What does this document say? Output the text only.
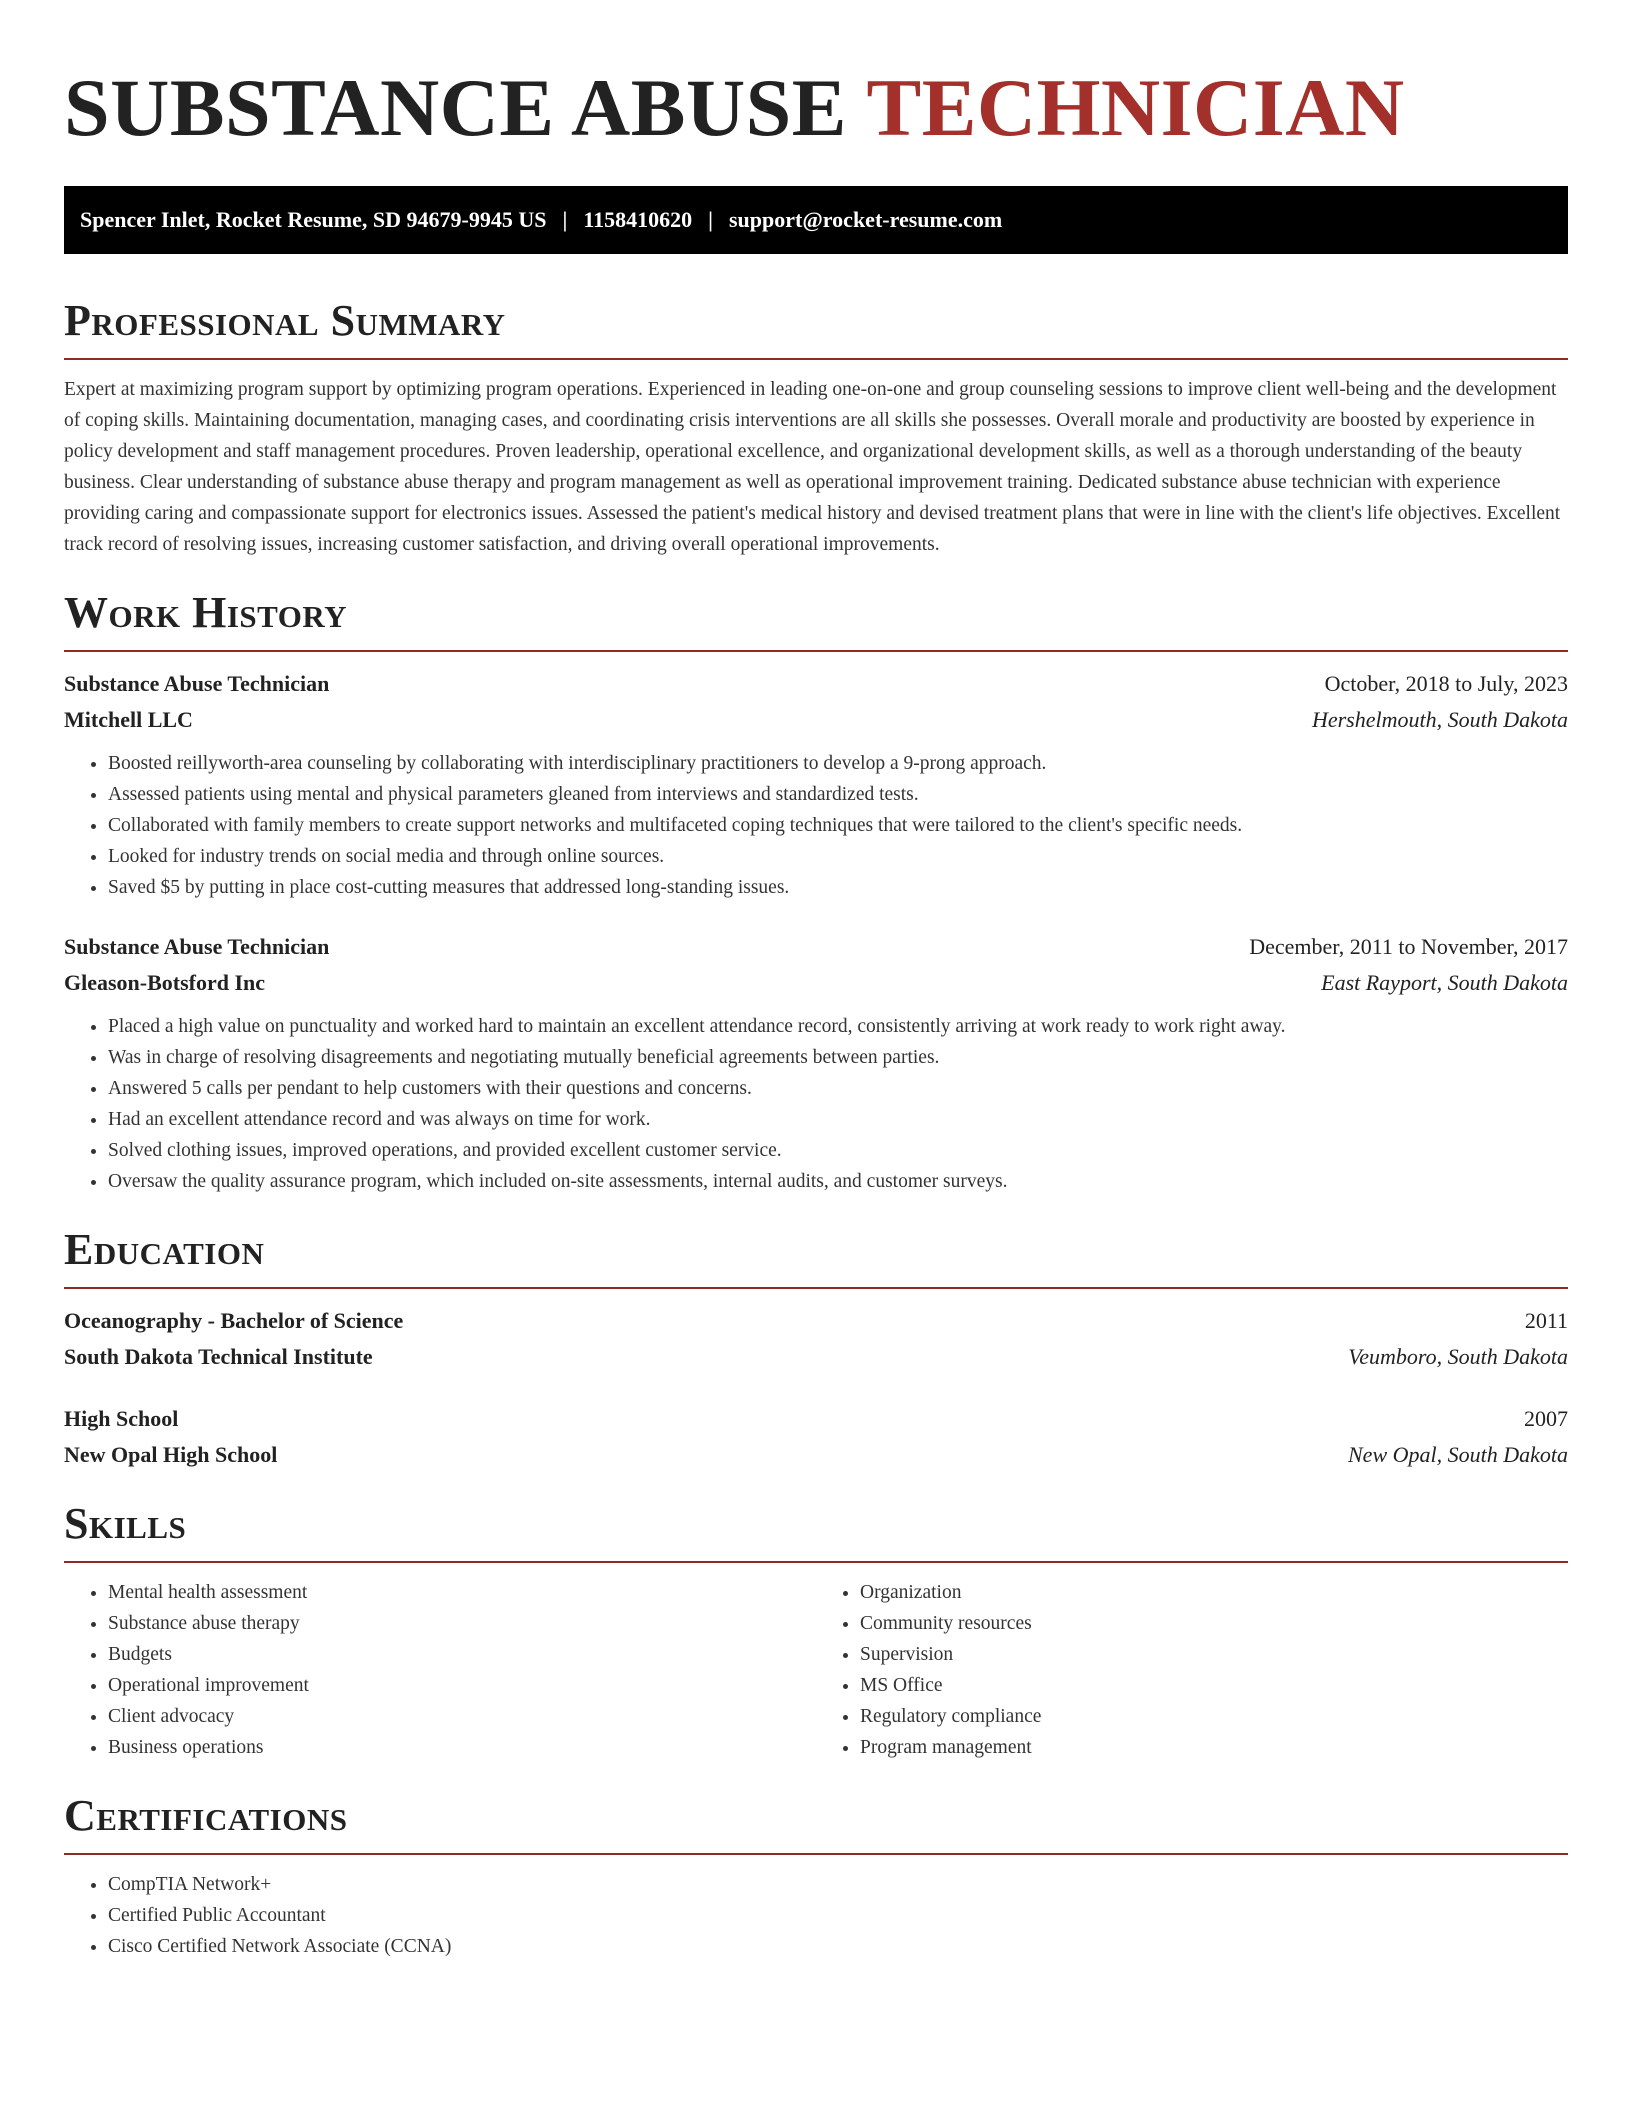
SUBSTANCE ABUSE TECHNICIAN
Spencer Inlet, Rocket Resume, SD 94679-9945 US | 1158410620 | support@rocket-resume.com
Professional Summary

Expert at maximizing program support by optimizing program operations. Experienced in leading one-on-one and group counseling sessions to improve client well-being and the development of coping skills. Maintaining documentation, managing cases, and coordinating crisis interventions are all skills she possesses. Overall morale and productivity are boosted by experience in policy development and staff management procedures. Proven leadership, operational excellence, and organizational development skills, as well as a thorough understanding of the beauty business. Clear understanding of substance abuse therapy and program management as well as operational improvement training. Dedicated substance abuse technician with experience providing caring and compassionate support for electronics issues. Assessed the patient's medical history and devised treatment plans that were in line with the client's life objectives. Excellent track record of resolving issues, increasing customer satisfaction, and driving overall operational improvements.

Work History
Substance Abuse Technician	October, 2018 to July, 2023
Mitchell LLC	Hershelmouth, South Dakota
• Boosted reillyworth-area counseling by collaborating with interdisciplinary practitioners to develop a 9-prong approach.
• Assessed patients using mental and physical parameters gleaned from interviews and standardized tests.
• Collaborated with family members to create support networks and multifaceted coping techniques that were tailored to the client's specific needs.
• Looked for industry trends on social media and through online sources.
• Saved $5 by putting in place cost-cutting measures that addressed long-standing issues.
Substance Abuse Technician	December, 2011 to November, 2017
Gleason-Botsford Inc	East Rayport, South Dakota
• Placed a high value on punctuality and worked hard to maintain an excellent attendance record, consistently arriving at work ready to work right away.
• Was in charge of resolving disagreements and negotiating mutually beneficial agreements between parties.
• Answered 5 calls per pendant to help customers with their questions and concerns.
• Had an excellent attendance record and was always on time for work.
• Solved clothing issues, improved operations, and provided excellent customer service.
• Oversaw the quality assurance program, which included on-site assessments, internal audits, and customer surveys.
Education
Oceanography - Bachelor of Science	2011
South Dakota Technical Institute	Veumboro, South Dakota
High School	2007
New Opal High School	New Opal, South Dakota
Skills
• Mental health assessment
• Substance abuse therapy
• Budgets
• Operational improvement
• Client advocacy
• Business operations
• Organization
• Community resources
• Supervision
• MS Office
• Regulatory compliance
• Program management
Certifications
• CompTIA Network+
• Certified Public Accountant
• Cisco Certified Network Associate (CCNA)
